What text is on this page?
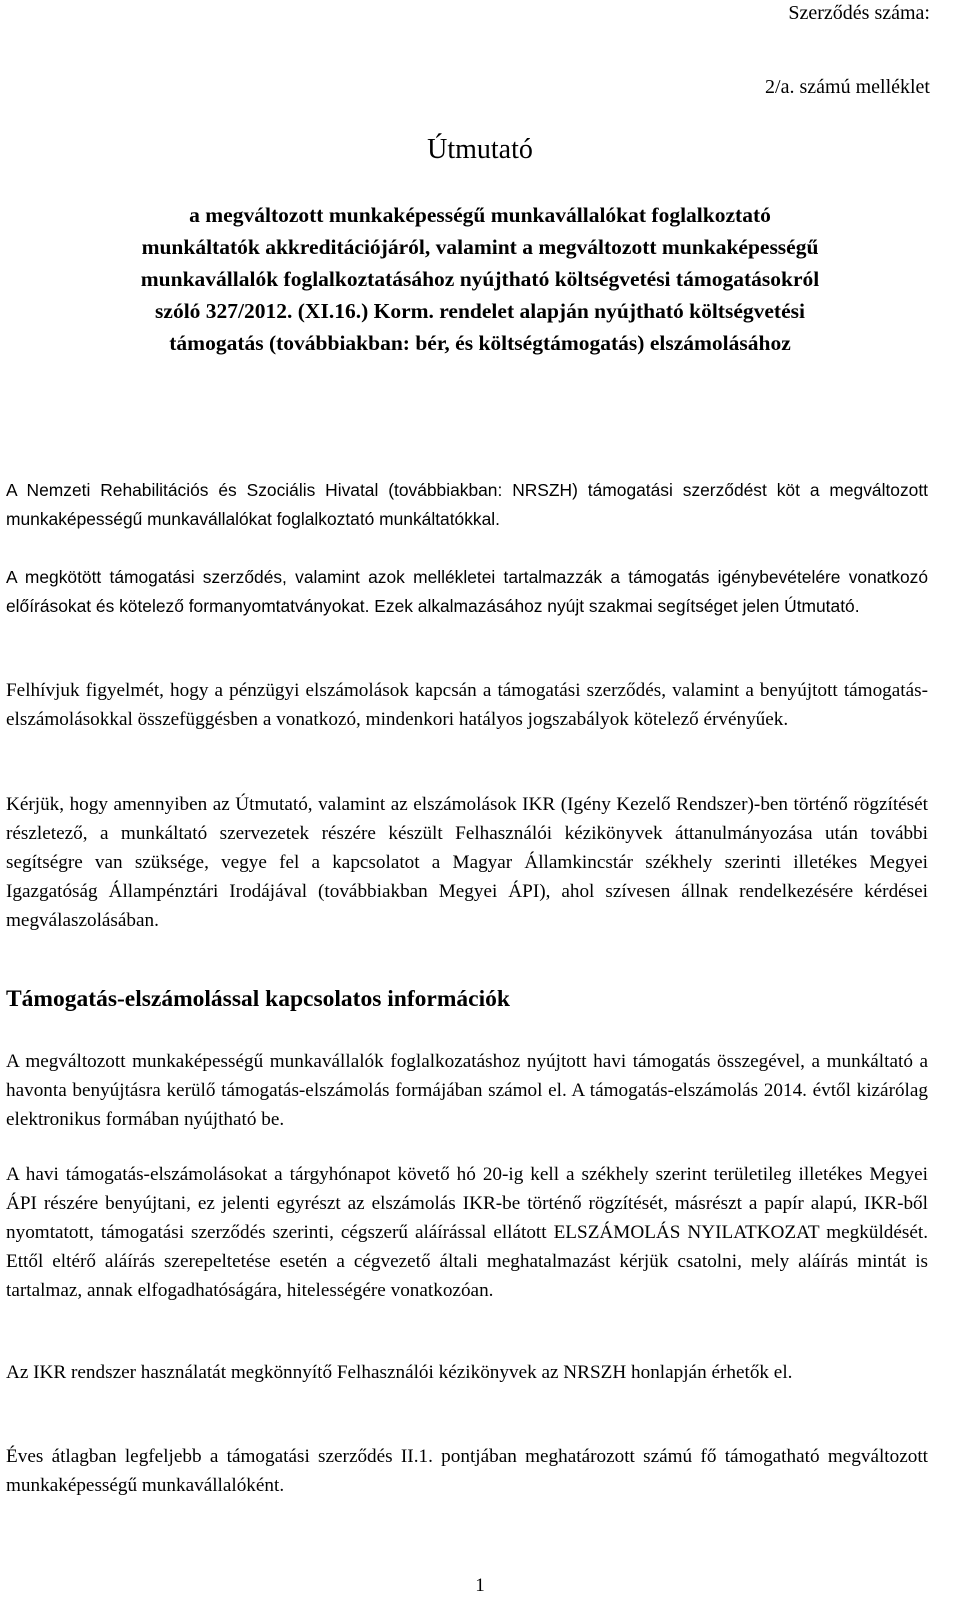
Szerződés száma:
2/a. számú melléklet
Útmutató
a megváltozott munkaképességű munkavállalókat foglalkoztató
munkáltatók akkreditációjáról, valamint a megváltozott munkaképességű
munkavállalók foglalkoztatásához nyújtható költségvetési támogatásokról
szóló 327/2012. (XI.16.) Korm. rendelet alapján nyújtható költségvetési
támogatás (továbbiakban: bér, és költségtámogatás) elszámolásához
A Nemzeti Rehabilitációs és Szociális Hivatal (továbbiakban: NRSZH) támogatási szerződést köt a megváltozott munkaképességű munkavállalókat foglalkoztató munkáltatókkal.
A megkötött támogatási szerződés, valamint azok mellékletei tartalmazzák a támogatás igénybevételére vonatkozó előírásokat és kötelező formanyomtatványokat. Ezek alkalmazásához nyújt szakmai segítséget jelen Útmutató.
Felhívjuk figyelmét, hogy a pénzügyi elszámolások kapcsán a támogatási szerződés, valamint a benyújtott támogatás-elszámolásokkal összefüggésben a vonatkozó, mindenkori hatályos jogszabályok kötelező érvényűek.
Kérjük, hogy amennyiben az Útmutató, valamint az elszámolások IKR (Igény Kezelő Rendszer)-ben történő rögzítését részletező, a munkáltató szervezetek részére készült Felhasználói kézikönyvek áttanulmányozása után további segítségre van szüksége, vegye fel a kapcsolatot a Magyar Államkincstár székhely szerinti illetékes Megyei Igazgatóság Állampénztári Irodájával (továbbiakban Megyei ÁPI), ahol szívesen állnak rendelkezésére kérdései megválaszolásában.
Támogatás-elszámolással kapcsolatos információk
A megváltozott munkaképességű munkavállalók foglalkozatáshoz nyújtott havi támogatás összegével, a munkáltató a havonta benyújtásra kerülő támogatás-elszámolás formájában számol el. A támogatás-elszámolás 2014. évtől kizárólag elektronikus formában nyújtható be.
A havi támogatás-elszámolásokat a tárgyhónapot követő hó 20-ig kell a székhely szerint területileg illetékes Megyei ÁPI részére benyújtani, ez jelenti egyrészt az elszámolás IKR-be történő rögzítését, másrészt a papír alapú, IKR-ből nyomtatott, támogatási szerződés szerinti, cégszerű aláírással ellátott ELSZÁMOLÁS NYILATKOZAT megküldését. Ettől eltérő aláírás szerepeltetése esetén a cégvezető általi meghatalmazást kérjük csatolni, mely aláírás mintát is tartalmaz, annak elfogadhatóságára, hitelességére vonatkozóan.
Az IKR rendszer használatát megkönnyítő Felhasználói kézikönyvek az NRSZH honlapján érhetők el.
Éves átlagban legfeljebb a támogatási szerződés II.1. pontjában meghatározott számú fő támogatható megváltozott munkaképességű munkavállalóként.
1
